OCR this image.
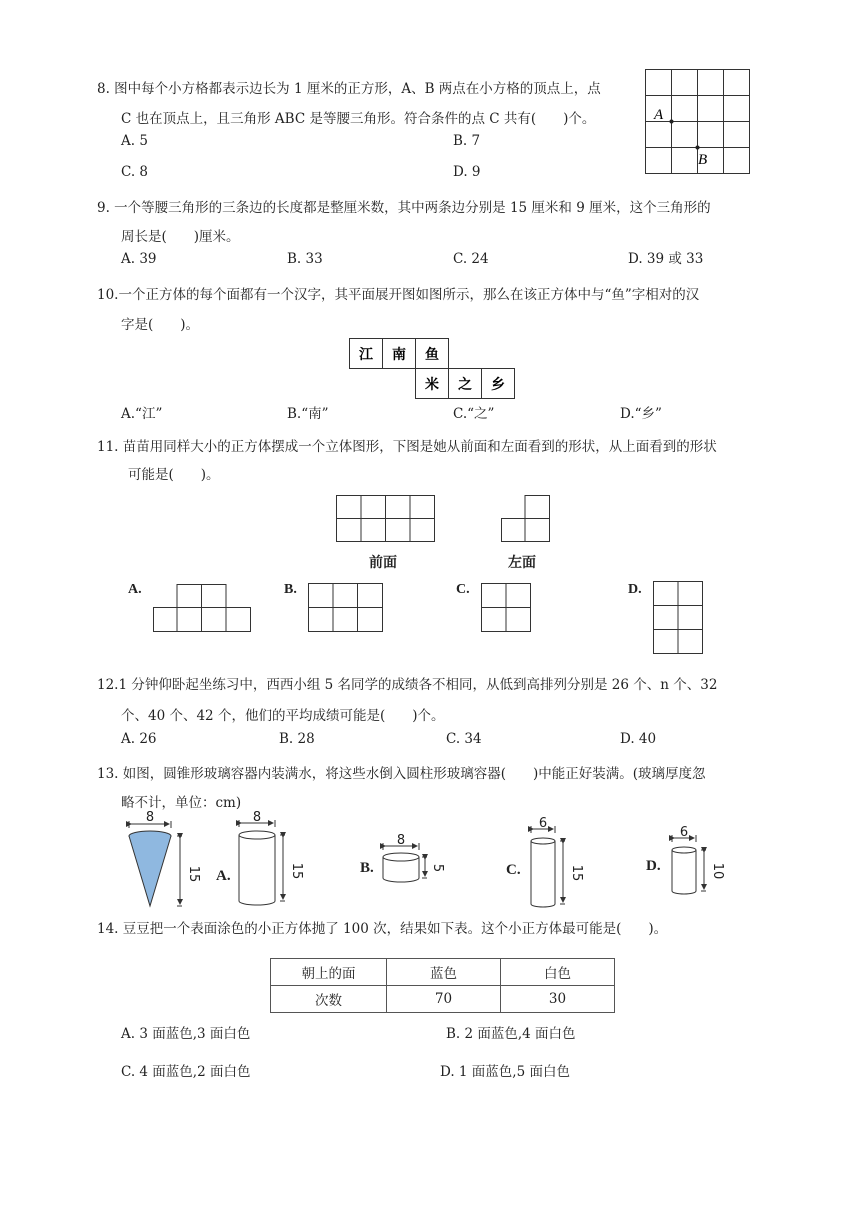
8. 图中每个小方格都表示边长为 1 厘米的正方形，A、B 两点在小方格的顶点上，点
C 也在顶点上，且三角形 ABC 是等腰三角形。符合条件的点 C 共有(　　)个。
A. 5	B. 7
C. 8	D. 9
A
B
9. 一个等腰三角形的三条边的长度都是整厘米数，其中两条边分别是 15 厘米和 9 厘米，这个三角形的
周长是(　　)厘米。
A. 39	B. 33	C. 24	D. 39 或 33
10.一个正方体的每个面都有一个汉字，其平面展开图如图所示，那么在该正方体中与“鱼”字相对的汉
字是(　　)。
江 南 鱼
米 之 乡
A.“江”	B.“南”	C.“之”	D.“乡”
11. 苗苗用同样大小的正方体摆成一个立体图形，下图是她从前面和左面看到的形状，从上面看到的形状
可能是(　　)。
前面	左面
A.	B.	C.	D.
12.1 分钟仰卧起坐练习中，西西小组 5 名同学的成绩各不相同，从低到高排列分别是 26 个、n 个、32
个、40 个、42 个，他们的平均成绩可能是(　　)个。
A. 26	B. 28	C. 34	D. 40
13. 如图，圆锥形玻璃容器内装满水，将这些水倒入圆柱形玻璃容器(　　)中能正好装满。(玻璃厚度忽
略不计，单位：cm)
8
15
8
15
8
5
6
15
6
10
A.	B.	C.	D.
14. 豆豆把一个表面涂色的小正方体抛了 100 次，结果如下表。这个小正方体最可能是(　　)。
朝上的面	蓝色	白色
次数	70	30
A. 3 面蓝色,3 面白色	B. 2 面蓝色,4 面白色
C. 4 面蓝色,2 面白色	D. 1 面蓝色,5 面白色
